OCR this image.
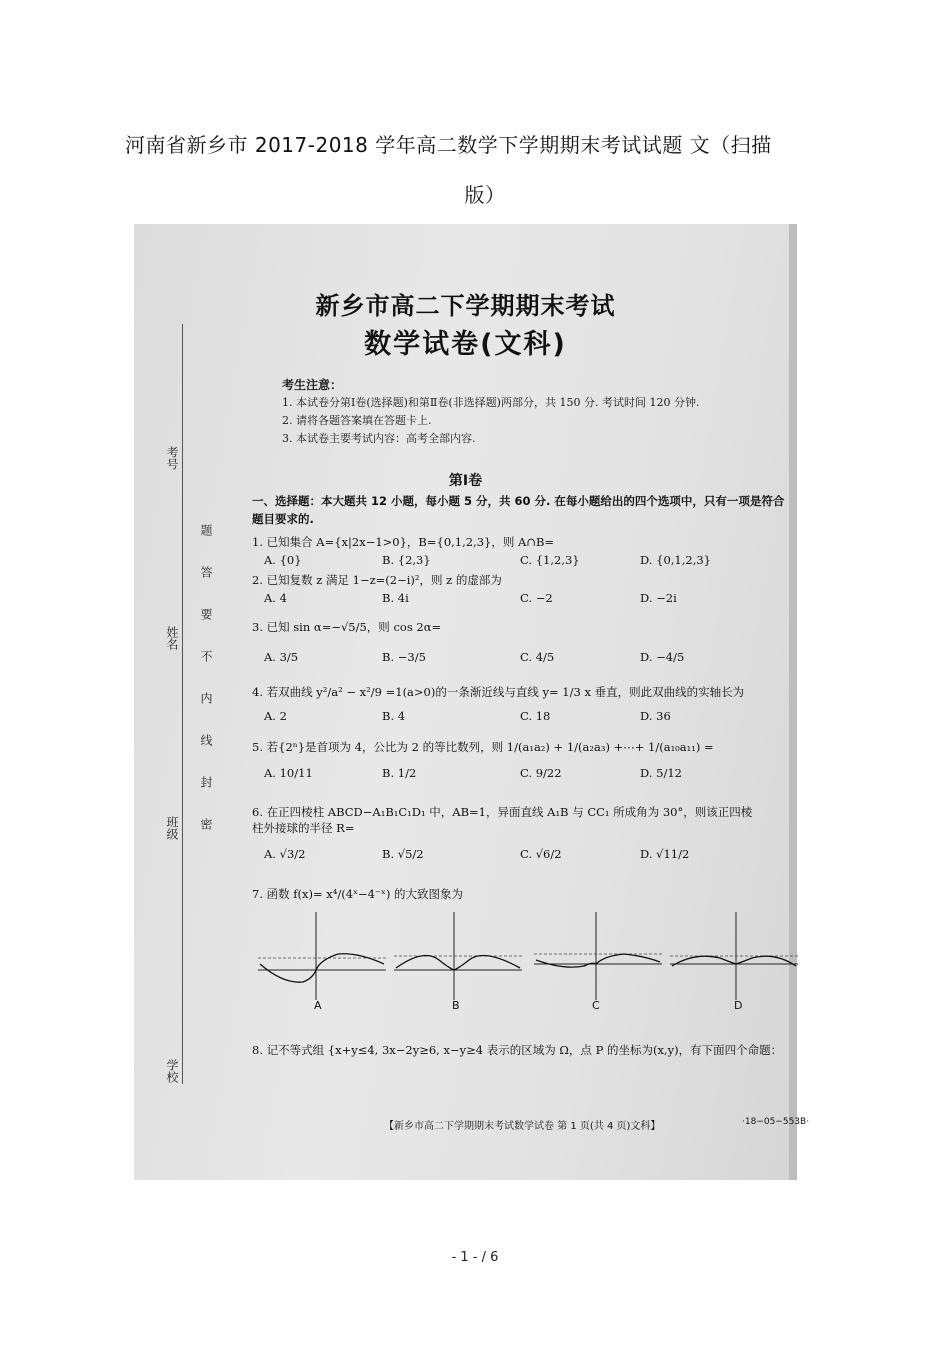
河南省新乡市 2017-2018 学年高二数学下学期期末考试试题 文（扫描
版）
考号
姓名
班级
学校
题答要不内线封密
新乡市高二下学期期末考试
数学试卷(文科)
考生注意：
1. 本试卷分第Ⅰ卷(选择题)和第Ⅱ卷(非选择题)两部分，共 150 分. 考试时间 120 分钟.
2. 请将各题答案填在答题卡上.
3. 本试卷主要考试内容：高考全部内容.
第Ⅰ卷
一、选择题：本大题共 12 小题，每小题 5 分，共 60 分. 在每小题给出的四个选项中，只有一项是符合题目要求的.
1. 已知集合 A={x|2x−1>0}，B={0,1,2,3}，则 A∩B=
A. {0}	B. {2,3}	C. {1,2,3}	D. {0,1,2,3}
2. 已知复数 z 满足 1−z=(2−i)²，则 z 的虚部为
A. 4	B. 4i	C. −2	D. −2i
3. 已知 sin α=−√5/5，则 cos 2α=
A. 3/5	B. −3/5	C. 4/5	D. −4/5
4. 若双曲线 y²/a² − x²/9 =1(a>0)的一条渐近线与直线 y= 1/3 x 垂直，则此双曲线的实轴长为
A. 2	B. 4	C. 18	D. 36
5. 若{2ⁿ}是首项为 4，公比为 2 的等比数列，则 1/(a₁a₂) + 1/(a₂a₃) +⋯+ 1/(a₁₀a₁₁) =
A. 10/11	B. 1/2	C. 9/22	D. 5/12
6. 在正四棱柱 ABCD−A₁B₁C₁D₁ 中，AB=1，异面直线 A₁B 与 CC₁ 所成角为 30°，则该正四棱
柱外接球的半径 R=
A. √3/2	B. √5/2	C. √6/2	D. √11/2
7. 函数 f(x)= x⁴/(4ˣ−4⁻ˣ) 的大致图象为
A	B	C	D
8. 记不等式组 {x+y≤4, 3x−2y≥6, x−y≥4 表示的区域为 Ω，点 P 的坐标为(x,y)，有下面四个命题：
【新乡市高二下学期期末考试数学试卷 第 1 页(共 4 页)文科】	·18−05−553B·
- 1 - / 6
